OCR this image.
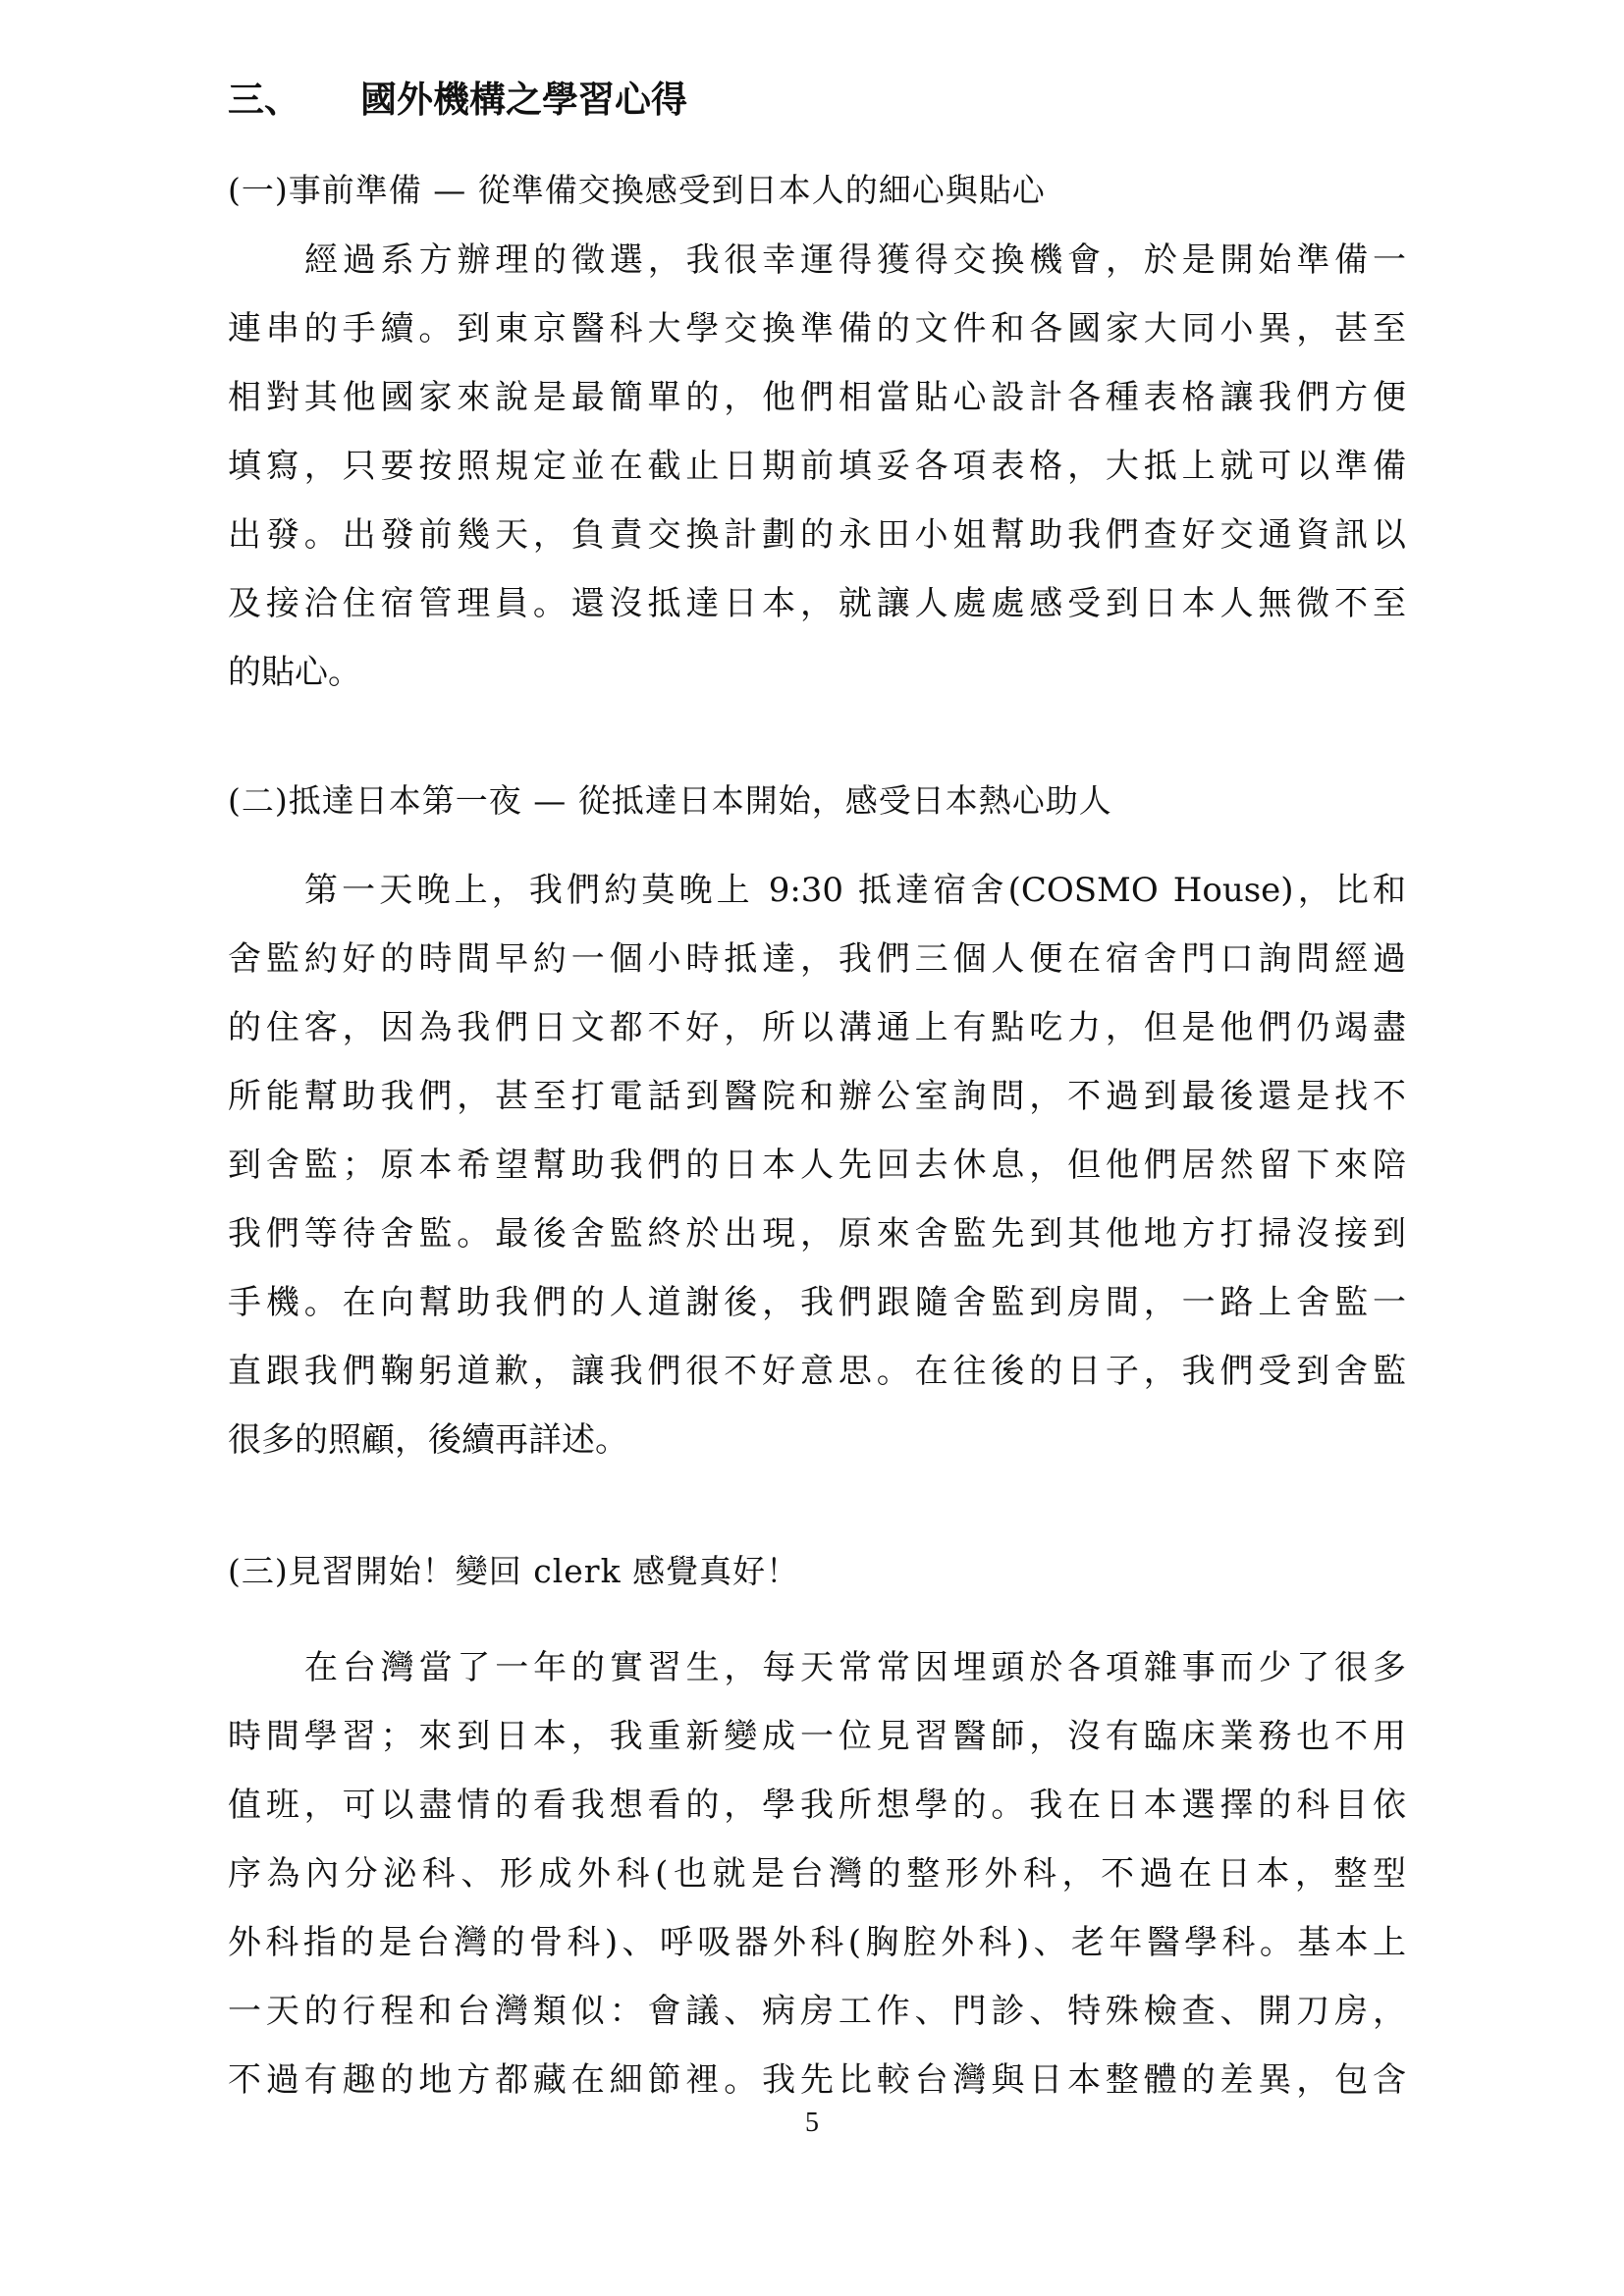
三、 國外機構之學習心得
(一)事前準備 — 從準備交換感受到日本人的細心與貼心
經過系方辦理的徵選，我很幸運得獲得交換機會，於是開始準備一
連串的手續。到東京醫科大學交換準備的文件和各國家大同小異，甚至
相對其他國家來說是最簡單的，他們相當貼心設計各種表格讓我們方便
填寫，只要按照規定並在截止日期前填妥各項表格，大抵上就可以準備
出發。出發前幾天，負責交換計劃的永田小姐幫助我們查好交通資訊以
及接洽住宿管理員。還沒抵達日本，就讓人處處感受到日本人無微不至
的貼心。
(二)抵達日本第一夜 — 從抵達日本開始，感受日本熱心助人
第一天晚上，我們約莫晚上 9:30 抵達宿舍(COSMO House)，比和
舍監約好的時間早約一個小時抵達，我們三個人便在宿舍門口詢問經過
的住客，因為我們日文都不好，所以溝通上有點吃力，但是他們仍竭盡
所能幫助我們，甚至打電話到醫院和辦公室詢問，不過到最後還是找不
到舍監；原本希望幫助我們的日本人先回去休息，但他們居然留下來陪
我們等待舍監。最後舍監終於出現，原來舍監先到其他地方打掃沒接到
手機。在向幫助我們的人道謝後，我們跟隨舍監到房間，一路上舍監一
直跟我們鞠躬道歉，讓我們很不好意思。在往後的日子，我們受到舍監
很多的照顧，後續再詳述。
(三)見習開始！變回 clerk 感覺真好！
在台灣當了一年的實習生，每天常常因埋頭於各項雜事而少了很多
時間學習；來到日本，我重新變成一位見習醫師，沒有臨床業務也不用
值班，可以盡情的看我想看的，學我所想學的。我在日本選擇的科目依
序為內分泌科、形成外科(也就是台灣的整形外科，不過在日本，整型
外科指的是台灣的骨科)、呼吸器外科(胸腔外科)、老年醫學科。基本上
一天的行程和台灣類似：會議、病房工作、門診、特殊檢查、開刀房，
不過有趣的地方都藏在細節裡。我先比較台灣與日本整體的差異，包含
5
